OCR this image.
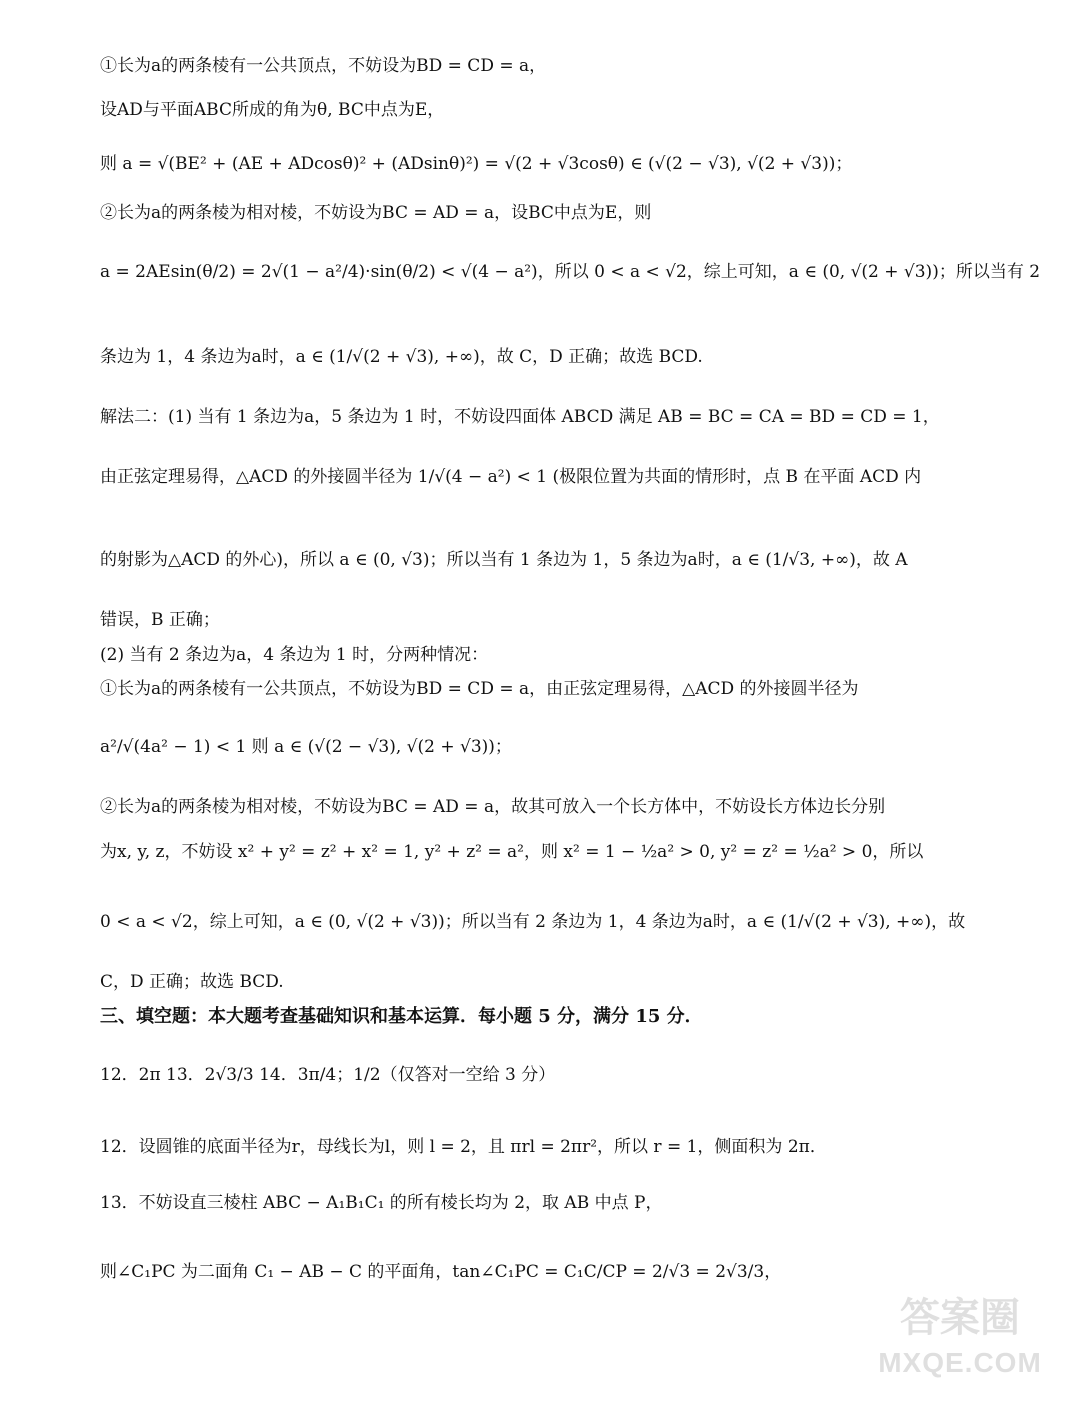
①长为a的两条棱有一公共顶点，不妨设为BD = CD = a，
设AD与平面ABC所成的角为θ, BC中点为E，
则 a = √(BE² + (AE + ADcosθ)² + (ADsinθ)²) = √(2 + √3cosθ) ∈ (√(2 − √3), √(2 + √3))；
②长为a的两条棱为相对棱，不妨设为BC = AD = a，设BC中点为E，则
a = 2AEsin(θ/2) = 2√(1 − a²/4)·sin(θ/2) < √(4 − a²)，所以 0 < a < √2，综上可知，a ∈ (0, √(2 + √3))；所以当有 2
条边为 1，4 条边为a时，a ∈ (1/√(2 + √3), +∞)，故 C，D 正确；故选 BCD.
解法二：(1) 当有 1 条边为a，5 条边为 1 时，不妨设四面体 ABCD 满足 AB = BC = CA = BD = CD = 1，
由正弦定理易得，△ACD 的外接圆半径为 1/√(4 − a²) < 1 (极限位置为共面的情形时，点 B 在平面 ACD 内
的射影为△ACD 的外心)，所以 a ∈ (0, √3)；所以当有 1 条边为 1，5 条边为a时，a ∈ (1/√3, +∞)，故 A
错误，B 正确；
(2) 当有 2 条边为a，4 条边为 1 时，分两种情况：
①长为a的两条棱有一公共顶点，不妨设为BD = CD = a，由正弦定理易得，△ACD 的外接圆半径为
a²/√(4a² − 1) < 1 则 a ∈ (√(2 − √3), √(2 + √3))；
②长为a的两条棱为相对棱，不妨设为BC = AD = a，故其可放入一个长方体中，不妨设长方体边长分别
为x, y, z，不妨设 x² + y² = z² + x² = 1, y² + z² = a²，则 x² = 1 − ½a² > 0, y² = z² = ½a² > 0，所以
0 < a < √2，综上可知，a ∈ (0, √(2 + √3))；所以当有 2 条边为 1，4 条边为a时，a ∈ (1/√(2 + √3), +∞)，故
C，D 正确；故选 BCD.
三、填空题：本大题考查基础知识和基本运算．每小题 5 分，满分 15 分．
12．2π 13．2√3/3 14．3π/4；1/2（仅答对一空给 3 分）
12．设圆锥的底面半径为r，母线长为l，则 l = 2，且 πrl = 2πr²，所以 r = 1，侧面积为 2π．
13．不妨设直三棱柱 ABC − A₁B₁C₁ 的所有棱长均为 2，取 AB 中点 P，
则∠C₁PC 为二面角 C₁ − AB − C 的平面角，tan∠C₁PC = C₁C/CP = 2/√3 = 2√3/3，
答案圈
MXQE.COM
